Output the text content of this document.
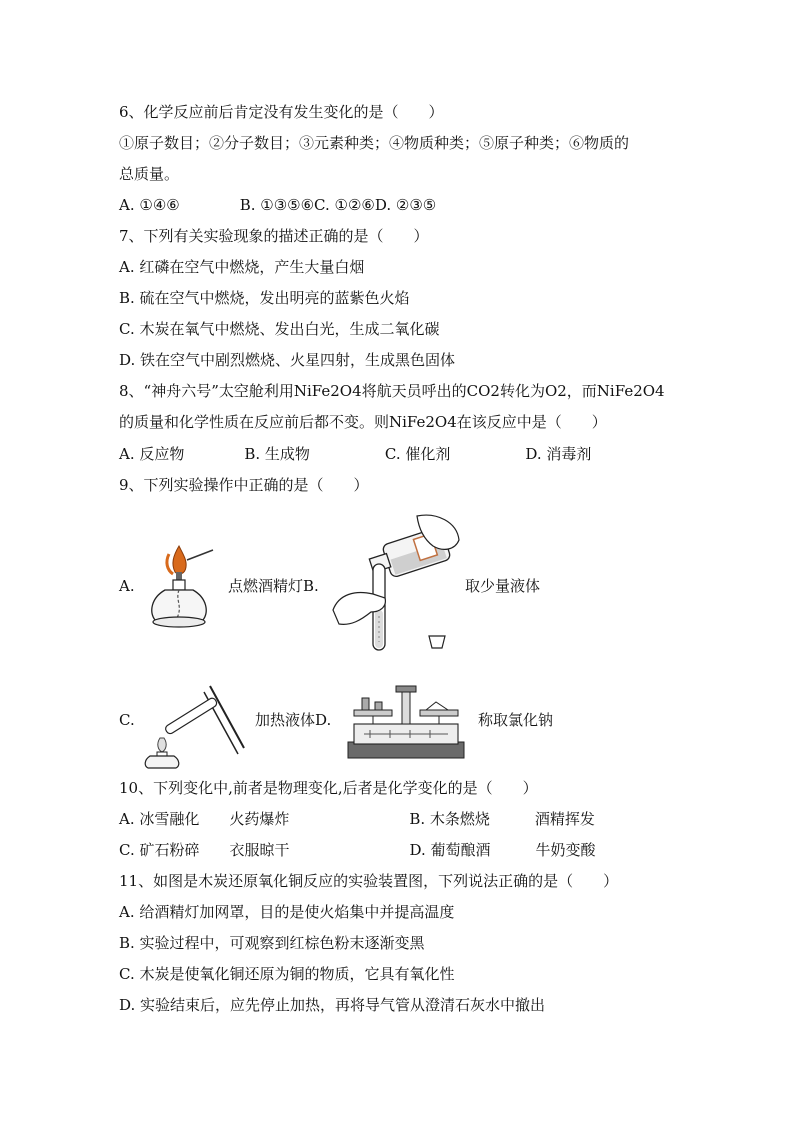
6、化学反应前后肯定没有发生变化的是（　　）
①原子数目；②分子数目；③元素种类；④物质种类；⑤原子种类；⑥物质的
总质量。
A. ①④⑥　　　　B. ①③⑤⑥C. ①②⑥D. ②③⑤
7、下列有关实验现象的描述正确的是（　　）
A. 红磷在空气中燃烧，产生大量白烟
B. 硫在空气中燃烧，发出明亮的蓝紫色火焰
C. 木炭在氧气中燃烧、发出白光，生成二氧化碳
D. 铁在空气中剧烈燃烧、火星四射，生成黑色固体
8、“神舟六号”太空舱利用NiFe2O4将航天员呼出的CO2转化为O2，而NiFe2O4
的质量和化学性质在反应前后都不变。则NiFe2O4在该反应中是（　　）
A. 反应物　　　　B. 生成物　　　　　C. 催化剂　　　　　D. 消毒剂
9、下列实验操作中正确的是（　　）
A.	点燃酒精灯B.	取少量液体
C.	加热液体D.	称取氯化钠
10、下列变化中,前者是物理变化,后者是化学变化的是（　　）
A. 冰雪融化　　火药爆炸　　　　　　　　B. 木条燃烧　　　酒精挥发
C. 矿石粉碎　　衣服晾干　　　　　　　　D. 葡萄酿酒　　　牛奶变酸
11、如图是木炭还原氧化铜反应的实验装置图，下列说法正确的是（　　）
A. 给酒精灯加网罩，目的是使火焰集中并提高温度
B. 实验过程中，可观察到红棕色粉末逐渐变黑
C. 木炭是使氧化铜还原为铜的物质，它具有氧化性
D. 实验结束后，应先停止加热，再将导气管从澄清石灰水中撤出
